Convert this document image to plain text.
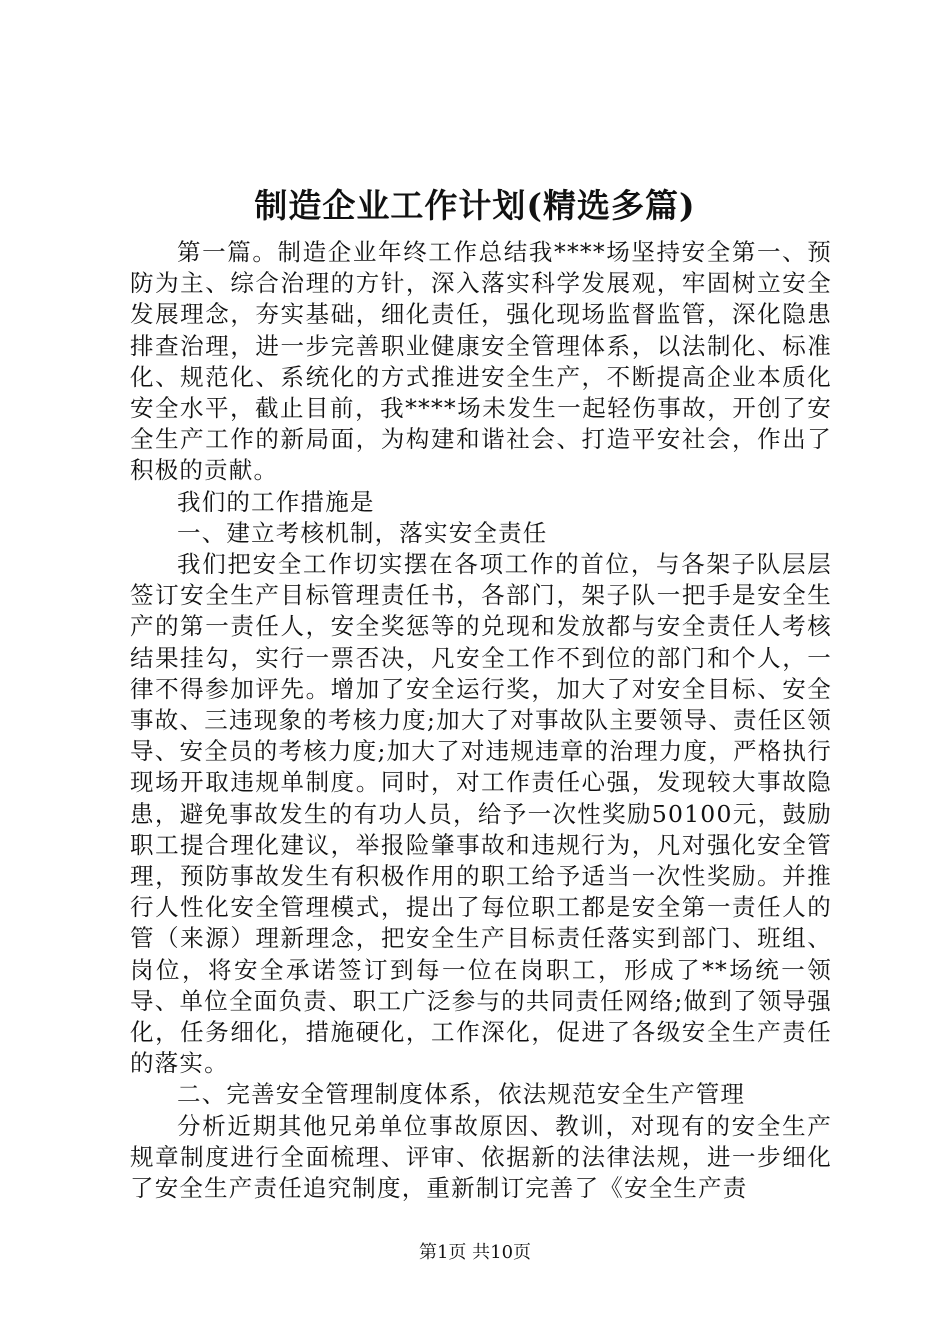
制造企业工作计划(精选多篇)

第一篇。制造企业年终工作总结我****场坚持安全第一、预防为主、综合治理的方针，深入落实科学发展观，牢固树立安全发展理念，夯实基础，细化责任，强化现场监督监管，深化隐患排查治理，进一步完善职业健康安全管理体系，以法制化、标准化、规范化、系统化的方式推进安全生产，不断提高企业本质化安全水平，截止目前，我****场未发生一起轻伤事故，开创了安全生产工作的新局面，为构建和谐社会、打造平安社会，作出了积极的贡献。

我们的工作措施是

一、建立考核机制，落实安全责任

我们把安全工作切实摆在各项工作的首位，与各架子队层层签订安全生产目标管理责任书，各部门，架子队一把手是安全生产的第一责任人，安全奖惩等的兑现和发放都与安全责任人考核结果挂勾，实行一票否决，凡安全工作不到位的部门和个人，一律不得参加评先。增加了安全运行奖，加大了对安全目标、安全事故、三违现象的考核力度;加大了对事故队主要领导、责任区领导、安全员的考核力度;加大了对违规违章的治理力度，严格执行现场开取违规单制度。同时，对工作责任心强，发现较大事故隐患，避免事故发生的有功人员，给予一次性奖励50100元，鼓励职工提合理化建议，举报险肇事故和违规行为，凡对强化安全管理，预防事故发生有积极作用的职工给予适当一次性奖励。并推行人性化安全管理模式，提出了每位职工都是安全第一责任人的管（来源）理新理念，把安全生产目标责任落实到部门、班组、岗位，将安全承诺签订到每一位在岗职工，形成了**场统一领导、单位全面负责、职工广泛参与的共同责任网络;做到了领导强化，任务细化，措施硬化，工作深化，促进了各级安全生产责任的落实。

二、完善安全管理制度体系，依法规范安全生产管理

分析近期其他兄弟单位事故原因、教训，对现有的安全生产规章制度进行全面梳理、评审、依据新的法律法规，进一步细化了安全生产责任追究制度，重新制订完善了《安全生产责

第1页 共10页
